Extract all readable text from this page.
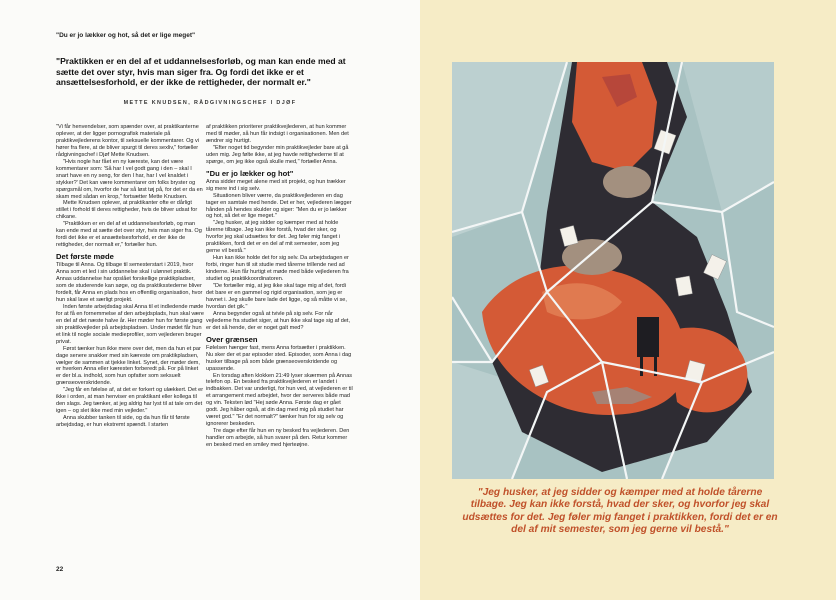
"Du er jo lækker og hot, så det er lige meget"
"Praktikken er en del af et uddannelsesforløb, og man kan ende med at sætte det over styr, hvis man siger fra. Og fordi det ikke er et ansættelsesforhold, er der ikke de rettigheder, der normalt er."
METTE KNUDSEN, RÅDGIVNINGSCHEF I DJØF

"Vi får henvendelser, som spænder over, at praktikanterne oplever, at der ligger pornografisk materiale på praktikvejlederens kontor, til seksuelle kommentarer. Og vi hører fra flere, at de bliver spurgt til deres sexliv," fortæller rådgivningschef i Djøf Mette Knudsen.

"Hvis nogle har fået en ny kæreste, kan det være kommentarer som: 'Så har I vel godt gang i den – skal I snart have en ny seng, for den I har, har I vel knaldet i stykker?' Det kan være kommentarer om folks bryster og spørgsmål om, hvorfor de har så løst tøj på, for det er da en skam med sådan en krop," fortsætter Mette Knudsen.

Mette Knudsen oplever, at praktikanter ofte er dårligt stillet i forhold til deres rettigheder, hvis de bliver udsat for chikane.

"Praktikken er en del af et uddannelsesforløb, og man kan ende med at sætte det over styr, hvis man siger fra. Og fordi det ikke er et ansættelsesforhold, er der ikke de rettigheder, der normalt er," fortæller hun.

Det første møde

Tilbage til Anna. Og tilbage til semesterstart i 2019, hvor Anna som et led i sin uddannelse skal i ulønnet praktik. Annas uddannelse har opslået forskellige praktikpladser, som de studerende kan søge, og da praktiksstederne bliver fordelt, får Anna en plads hos en offentlig organisation, hvor hun skal lave et særligt projekt.

Inden første arbejdsdag skal Anna til et indledende møde for at få en fornemmelse af den arbejdsplads, hun skal være en del af det næste halve år. Her møder hun for første gang sin praktikvejleder på arbejdspladsen. Under mødet får hun et link til nogle sociale medieprofiler, som vejlederen bruger privat.

Først tænker hun ikke mere over det, men da hun et par dage senere snakker med sin kæreste om praktikpladsen, vælger de sammen at tjekke linket. Synet, der møder dem, er hverken Anna eller kæresten forberedt på. For på linket er der bl.a. indhold, som hun opfatter som seksuelt grænseoverskridende.

"Jeg får en følelse af, at det er forkert og ulækkert. Det er ikke i orden, at man henviser en praktikant eller kollega til den slags. Jeg tænker, at jeg aldrig har lyst til at tale om det igen – og slet ikke med min vejleder."

Anna skubber tanken til side, og da hun får til første arbejdsdag, er hun ekstremt spændt. I starten

af praktikken prioriterer praktikvejlederen, at hun kommer med til møder, så hun får indsigt i organisationen. Men det ændrer sig hurtigt.

"Efter noget tid begynder min praktikvejleder bare at gå uden mig. Jeg følte ikke, at jeg havde rettighederne til at spørge, om jeg ikke også skulle med," fortæller Anna.

"Du er jo lækker og hot"

Anna sidder meget alene med sit projekt, og hun trækker sig mere ind i sig selv.

Situationen bliver værre, da praktikvejlederen en dag tager en samtale med hende. Det er her, vejlederen lægger hånden på hendes skulder og siger: "Men du er jo lækker og hot, så det er lige meget."

"Jeg husker, at jeg sidder og kæmper med at holde tårerne tilbage. Jeg kan ikke forstå, hvad der sker, og hvorfor jeg skal udsættes for det. Jeg føler mig fanget i praktikken, fordi det er en del af mit semester, som jeg gerne vil bestå."

Hun kan ikke holde det for sig selv. Da arbejdsdagen er forbi, ringer hun til sit studie med tårerne trillende ned ad kinderne. Hun får hurtigt et møde med både vejlederen fra studiet og praktikkoordinatoren.

"De fortæller mig, at jeg ikke skal tage mig af det, fordi det bare er en gammel og rigid organisation, som jeg er havnet i. Jeg skulle bare lade det ligge, og så måtte vi se, hvordan det gik."

Anna begynder også at tvivle på sig selv. For når vejlederne fra studiet siger, at hun ikke skal tage sig af det, er det så hende, der er noget galt med?

Over grænsen

Følelsen hænger fast, mens Anna fortsætter i praktikken. Nu sker der et par episoder sted. Episoder, som Anna i dag husker tilbage på som både grænseoverskridende og upassende.

En torsdag aften klokken 21:49 lyser skærmen på Annas telefon op. En besked fra praktikvejlederen er landet i indbakken. Det var underligt, for hun ved, at vejlederen er til et arrangement med arbejdet, hvor der serveres både mad og vin. Teksten lød "Hej søde Anna. Første dag er gået godt. Jeg håber også, at din dag med mig på studiet har været god." "Er det normalt?" tænker hun for sig selv og ignorerer beskeden.

Tre dage efter får hun en ny besked fra vejlederen. Den handler om arbejde, så hun svarer på den. Retur kommer en besked med en smiley med hjerteøjne.

22
"Jeg husker, at jeg sidder og kæmper med at holde tårerne tilbage. Jeg kan ikke forstå, hvad der sker, og hvorfor jeg skal udsættes for det. Jeg føler mig fanget i praktikken, fordi det er en del af mit semester, som jeg gerne vil bestå."
